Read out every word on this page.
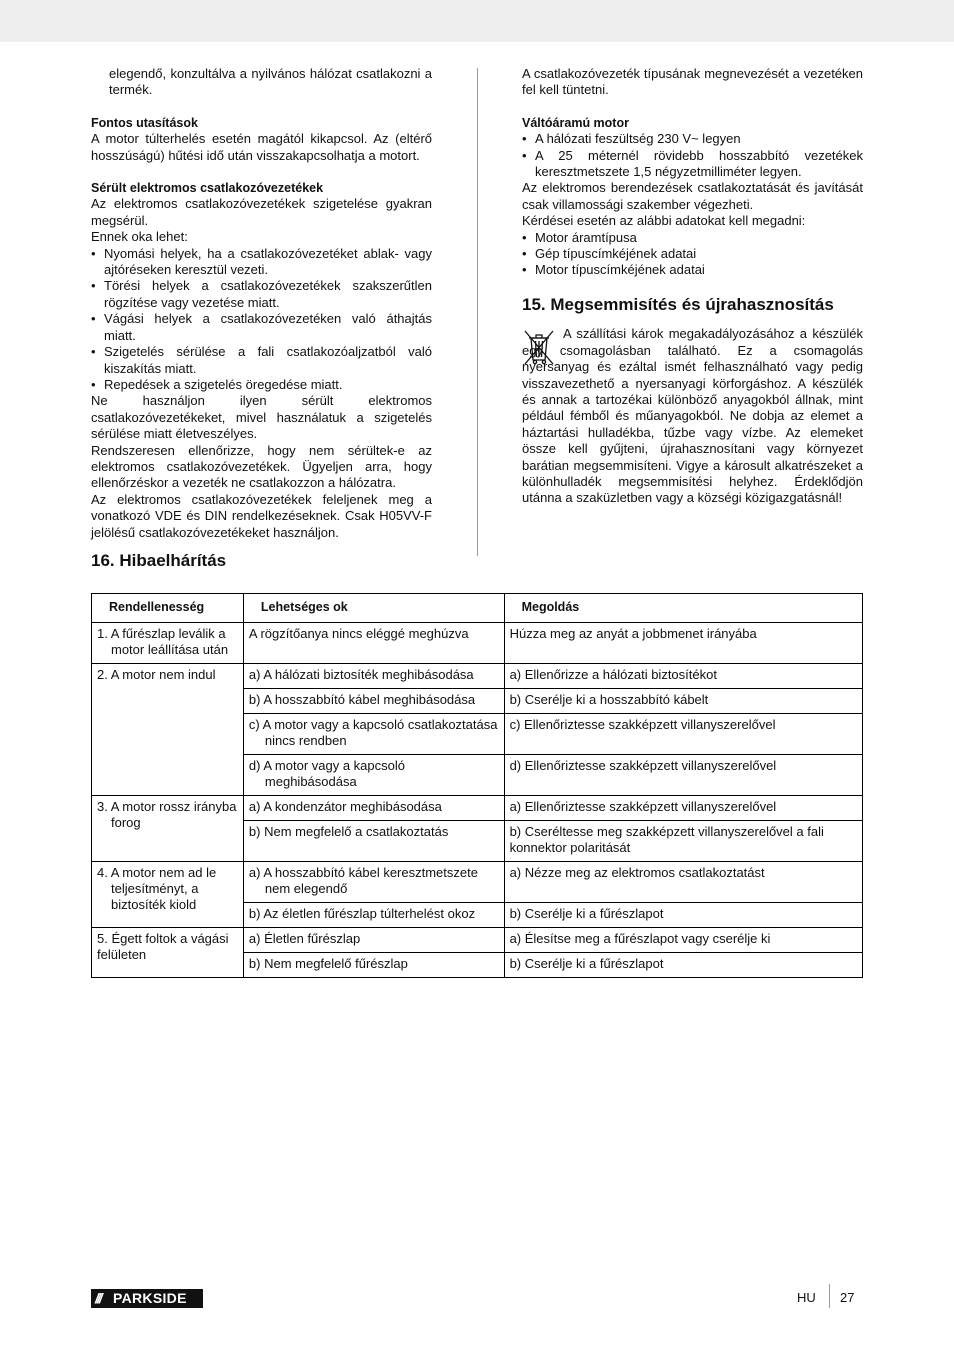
elegendő, konzultálva a nyilvános hálózat csatlakozni a termék.

Fontos utasítások

A motor túlterhelés esetén magától kikapcsol. Az (eltérő hosszúságú) hűtési idő után visszakapcsolhatja a motort.

Sérült elektromos csatlakozóvezetékek

Az elektromos csatlakozóvezetékek szigetelése gyakran megsérül.

Ennek oka lehet:

• Nyomási helyek, ha a csatlakozóvezetéket ablak- vagy ajtóréseken keresztül vezeti.
• Törési helyek a csatlakozóvezetékek szakszerűtlen rögzítése vagy vezetése miatt.
• Vágási helyek a csatlakozóvezetéken való áthajtás miatt.
• Szigetelés sérülése a fali csatlakozóaljzatból való kiszakítás miatt.
• Repedések a szigetelés öregedése miatt.

Ne használjon ilyen sérült elektromos csatlakozóvezetékeket, mivel használatuk a szigetelés sérülése miatt életveszélyes.

Rendszeresen ellenőrizze, hogy nem sérültek-e az elektromos csatlakozóvezetékek. Ügyeljen arra, hogy ellenőrzéskor a vezeték ne csatlakozzon a hálózatra.

Az elektromos csatlakozóvezetékek feleljenek meg a vonatkozó VDE és DIN rendelkezéseknek. Csak H05VV-F jelölésű csatlakozóvezetékeket használjon.

A csatlakozóvezeték típusának megnevezését a vezetéken fel kell tüntetni.

Váltóáramú motor

• A hálózati feszültség 230 V~ legyen
• A 25 méternél rövidebb hosszabbító vezetékek keresztmetszete 1,5 négyzetmilliméter legyen.

Az elektromos berendezések csatlakoztatását és javítását csak villamossági szakember végezheti.

Kérdései esetén az alábbi adatokat kell megadni:

• Motor áramtípusa
• Gép típuscímkéjének adatai
• Motor típuscímkéjének adatai

15. Megsemmisítés és újrahasznosítás

A szállítási károk megakadályozásához a készülék egy csomagolásban található. Ez a csomagolás nyersanyag és ezáltal ismét felhasználható vagy pedig visszavezethető a nyersanyagi körforgáshoz. A készülék és annak a tartozékai különböző anyagokból állnak, mint például fémből és műanyagokból. Ne dobja az elemet a háztartási hulladékba, tűzbe vagy vízbe. Az elemeket össze kell gyűjteni, újrahasznosítani vagy környezet barátian megsemmisíteni. Vigye a károsult alkatrészeket a különhulladék megsemmisítési helyhez. Érdeklődjön utánna a szaküzletben vagy a községi közigazgatásnál!

16. Hibaelhárítás
Rendellenesség	Lehetséges ok	Megoldás

1. A fűrészlap leválik a motor leállítása után	A rögzítőanya nincs eléggé meghúzva	Húzza meg az anyát a jobbmenet irányába

2. A motor nem indul	a) A hálózati biztosíték meghibásodása	a) Ellenőrizze a hálózati biztosítékot
	b) A hosszabbító kábel meghibásodása	b) Cserélje ki a hosszabbító kábelt

	c) A motor vagy a kapcsoló csatlakoztatása nincs rendben	c) Ellenőriztesse szakképzett villanyszerelővel

	d) A motor vagy a kapcsoló meghibásodása	d) Ellenőriztesse szakképzett villanyszerelővel

3. A motor rossz irányba forog	a) A kondenzátor meghibásodása	a) Ellenőriztesse szakképzett villanyszerelővel
	b) Nem megfelelő a csatlakoztatás	b) Cseréltesse meg szakképzett villanyszerelővel a fali konnektor polaritását

4. A motor nem ad le teljesítményt, a biztosíték kiold	a) A hosszabbító kábel keresztmetszete nem elegendő	a) Nézze meg az elektromos csatlakoztatást
	b) Az életlen fűrészlap túlterhelést okoz	b) Cserélje ki a fűrészlapot
5. Égett foltok a vágási felületen	a) Életlen fűrészlap	a) Élesítse meg a fűrészlapot vagy cserélje ki
	b) Nem megfelelő fűrészlap	b) Cserélje ki a fűrészlapot
/// PARKSIDE	HU 27
